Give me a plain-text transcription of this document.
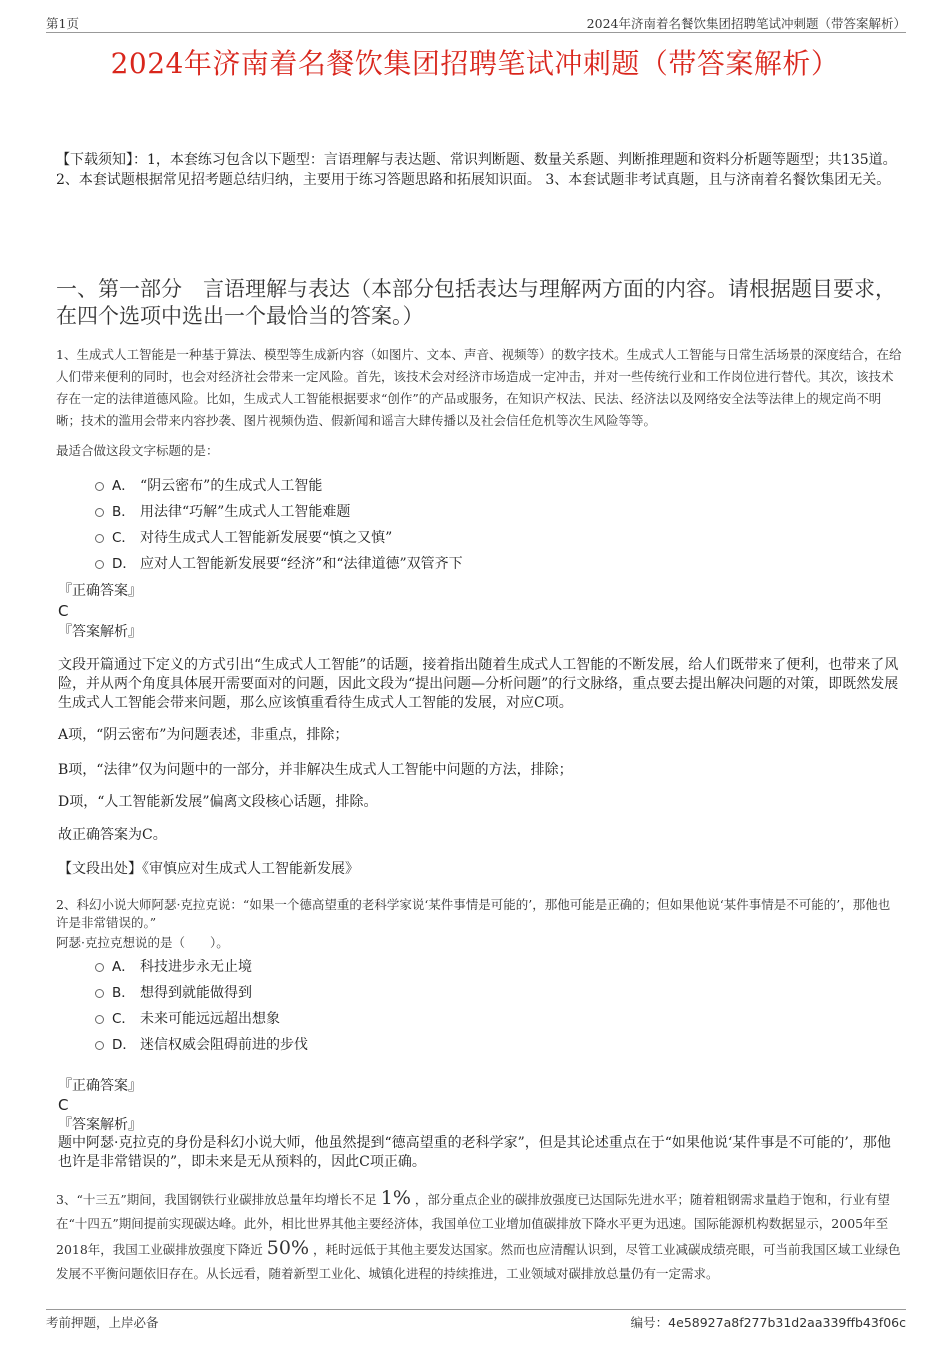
第1页	2024年济南着名餐饮集团招聘笔试冲刺题（带答案解析）
2024年济南着名餐饮集团招聘笔试冲刺题（带答案解析）
【下载须知】：1，本套练习包含以下题型：言语理解与表达题、常识判断题、数量关系题、判断推理题和资料分析题等题型；共135道。 2、本套试题根据常见招考题总结归纳，主要用于练习答题思路和拓展知识面。 3、本套试题非考试真题，且与济南着名餐饮集团无关。
一、第一部分　言语理解与表达（本部分包括表达与理解两方面的内容。请根据题目要求，在四个选项中选出一个最恰当的答案。）
1、生成式人工智能是一种基于算法、模型等生成新内容（如图片、文本、声音、视频等）的数字技术。生成式人工智能与日常生活场景的深度结合，在给人们带来便利的同时，也会对经济社会带来一定风险。首先，该技术会对经济市场造成一定冲击，并对一些传统行业和工作岗位进行替代。其次，该技术存在一定的法律道德风险。比如，生成式人工智能根据要求“创作”的产品或服务，在知识产权法、民法、经济法以及网络安全法等法律上的规定尚不明晰；技术的滥用会带来内容抄袭、图片视频伪造、假新闻和谣言大肆传播以及社会信任危机等次生风险等等。
最适合做这段文字标题的是：
A． “阴云密布”的生成式人工智能
B． 用法律“巧解”生成式人工智能难题
C． 对待生成式人工智能新发展要“慎之又慎”
D． 应对人工智能新发展要“经济”和“法律道德”双管齐下
『正确答案』
C
『答案解析』
文段开篇通过下定义的方式引出“生成式人工智能”的话题，接着指出随着生成式人工智能的不断发展，给人们既带来了便利，也带来了风险，并从两个角度具体展开需要面对的问题，因此文段为“提出问题—分析问题”的行文脉络，重点要去提出解决问题的对策，即既然发展生成式人工智能会带来问题，那么应该慎重看待生成式人工智能的发展，对应C项。
A项，“阴云密布”为问题表述，非重点，排除；
B项，“法律”仅为问题中的一部分，并非解决生成式人工智能中问题的方法，排除；
D项，“人工智能新发展”偏离文段核心话题，排除。
故正确答案为C。
【文段出处】《审慎应对生成式人工智能新发展》
2、科幻小说大师阿瑟·克拉克说：“如果一个德高望重的老科学家说‘某件事情是可能的’，那他可能是正确的；但如果他说‘某件事情是不可能的’，那他也许是非常错误的。”
阿瑟·克拉克想说的是（　　）。
A． 科技进步永无止境
B． 想得到就能做得到
C． 未来可能远远超出想象
D． 迷信权威会阻碍前进的步伐
『正确答案』
C
『答案解析』
题中阿瑟·克拉克的身份是科幻小说大师，他虽然提到“德高望重的老科学家”，但是其论述重点在于“如果他说‘某件事是不可能的’，那他也许是非常错误的”，即未来是无从预料的，因此C项正确。
3、“十三五”期间，我国钢铁行业碳排放总量年均增长不足 1% ，部分重点企业的碳排放强度已达国际先进水平；随着粗钢需求量趋于饱和，行业有望在“十四五”期间提前实现碳达峰。此外，相比世界其他主要经济体，我国单位工业增加值碳排放下降水平更为迅速。国际能源机构数据显示，2005年至2018年，我国工业碳排放强度下降近 50% ，耗时远低于其他主要发达国家。然而也应清醒认识到，尽管工业减碳成绩亮眼，可当前我国区域工业绿色发展不平衡问题依旧存在。从长远看，随着新型工业化、城镇化进程的持续推进，工业领域对碳排放总量仍有一定需求。
考前押题，上岸必备	编号：4e58927a8f277b31d2aa339ffb43f06c
